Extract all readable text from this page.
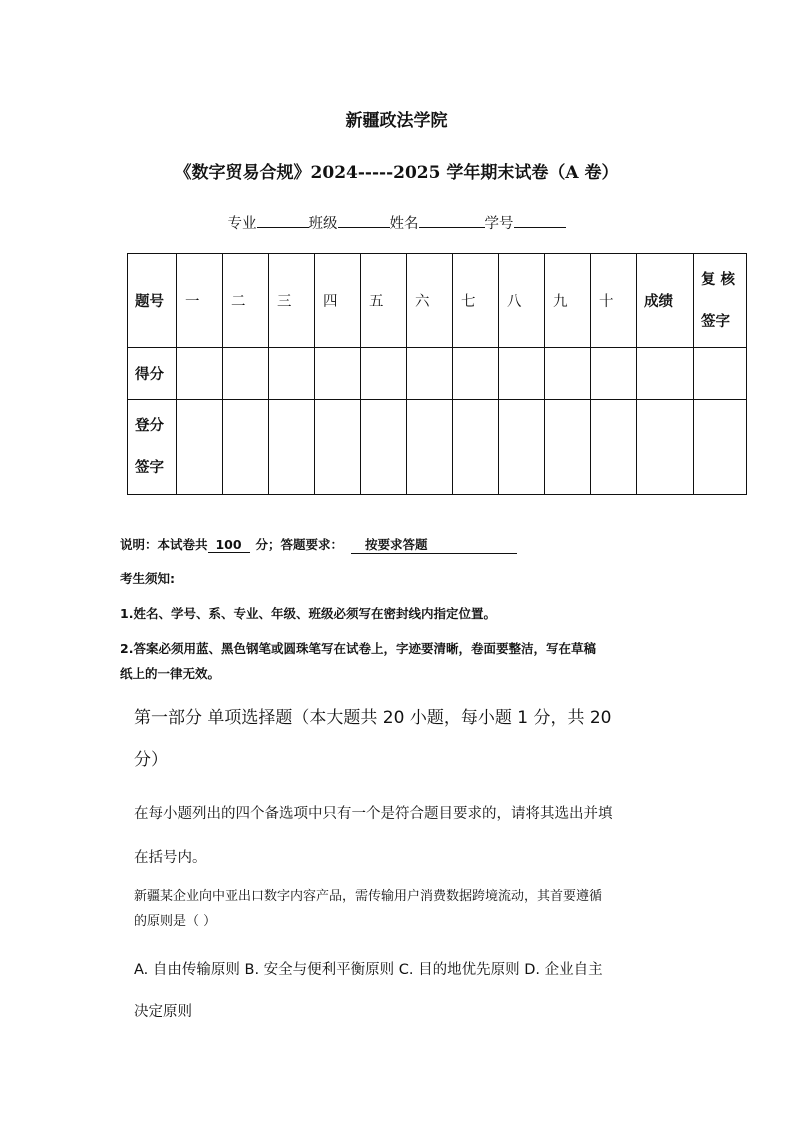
新疆政法学院
《数字贸易合规》2024-----2025 学年期末试卷（A 卷）
专业	班级	姓名	学号
题号	一	二	三	四	五	六	七	八	九	十	成绩	复 核
签字

得分												

登分
签字												

说明：本试卷共 100 分；答题要求： 按要求答题
考生须知:
1.姓名、学号、系、专业、年级、班级必须写在密封线内指定位置。
2.答案必须用蓝、黑色钢笔或圆珠笔写在试卷上，字迹要清晰，卷面要整洁，写在草稿
纸上的一律无效。
第一部分 单项选择题（本大题共 20 小题，每小题 1 分，共 20
分）
在每小题列出的四个备选项中只有一个是符合题目要求的，请将其选出并填
在括号内。
新疆某企业向中亚出口数字内容产品，需传输用户消费数据跨境流动，其首要遵循
的原则是（ ）
A. 自由传输原则 B. 安全与便利平衡原则 C. 目的地优先原则 D. 企业自主
决定原则
